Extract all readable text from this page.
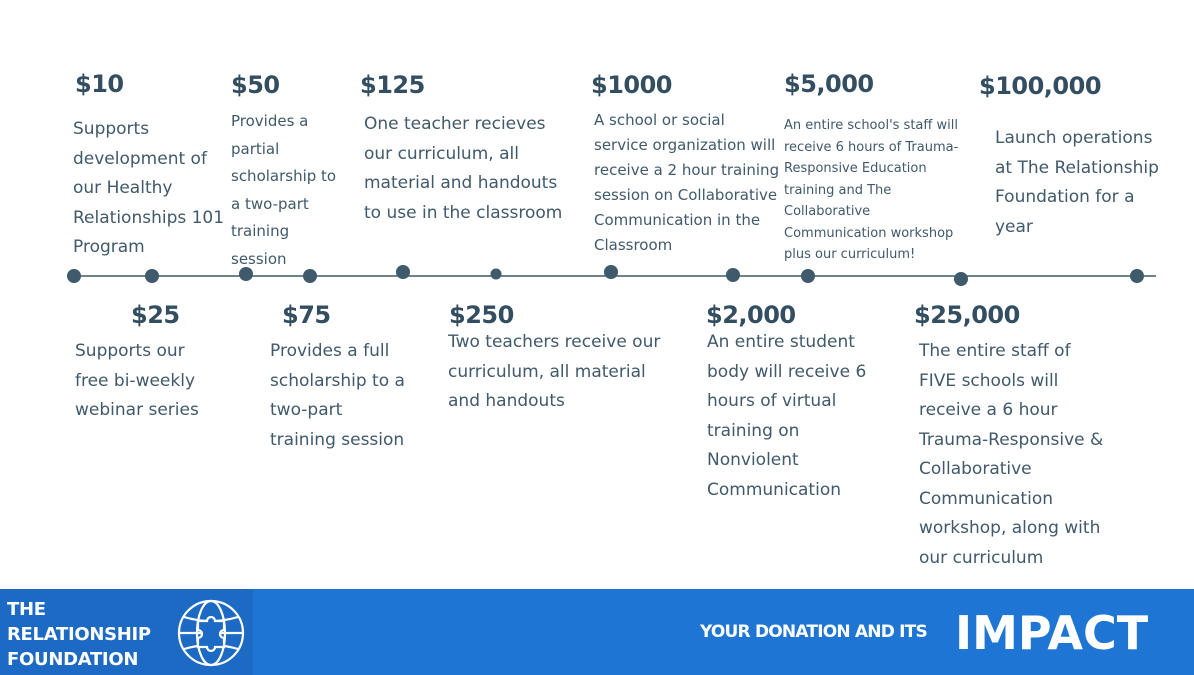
$10
Supports
development of
our Healthy
Relationships 101
Program
$25
Supports our
free bi-weekly
webinar series
$50
Provides a
partial
scholarship to
a two-part
training
session
$75
Provides a full
scholarship to a
two-part
training session
$125
One teacher recieves
our curriculum, all
material and handouts
to use in the classroom
$250
Two teachers receive our
curriculum, all material
and handouts
$1000
A school or social
service organization will
receive a 2 hour training
session on Collaborative
Communication in the
Classroom
$2,000
An entire student
body will receive 6
hours of virtual
training on
Nonviolent
Communication
$5,000
An entire school's staff will
receive 6 hours of Trauma-
Responsive Education
training and The
Collaborative
Communication workshop
plus our curriculum!
$25,000
The entire staff of
FIVE schools will
receive a 6 hour
Trauma-Responsive &
Collaborative
Communication
workshop, along with
our curriculum
$100,000
Launch operations
at The Relationship
Foundation for a
year
THE
RELATIONSHIP
FOUNDATION
YOUR DONATION AND ITS IMPACT
